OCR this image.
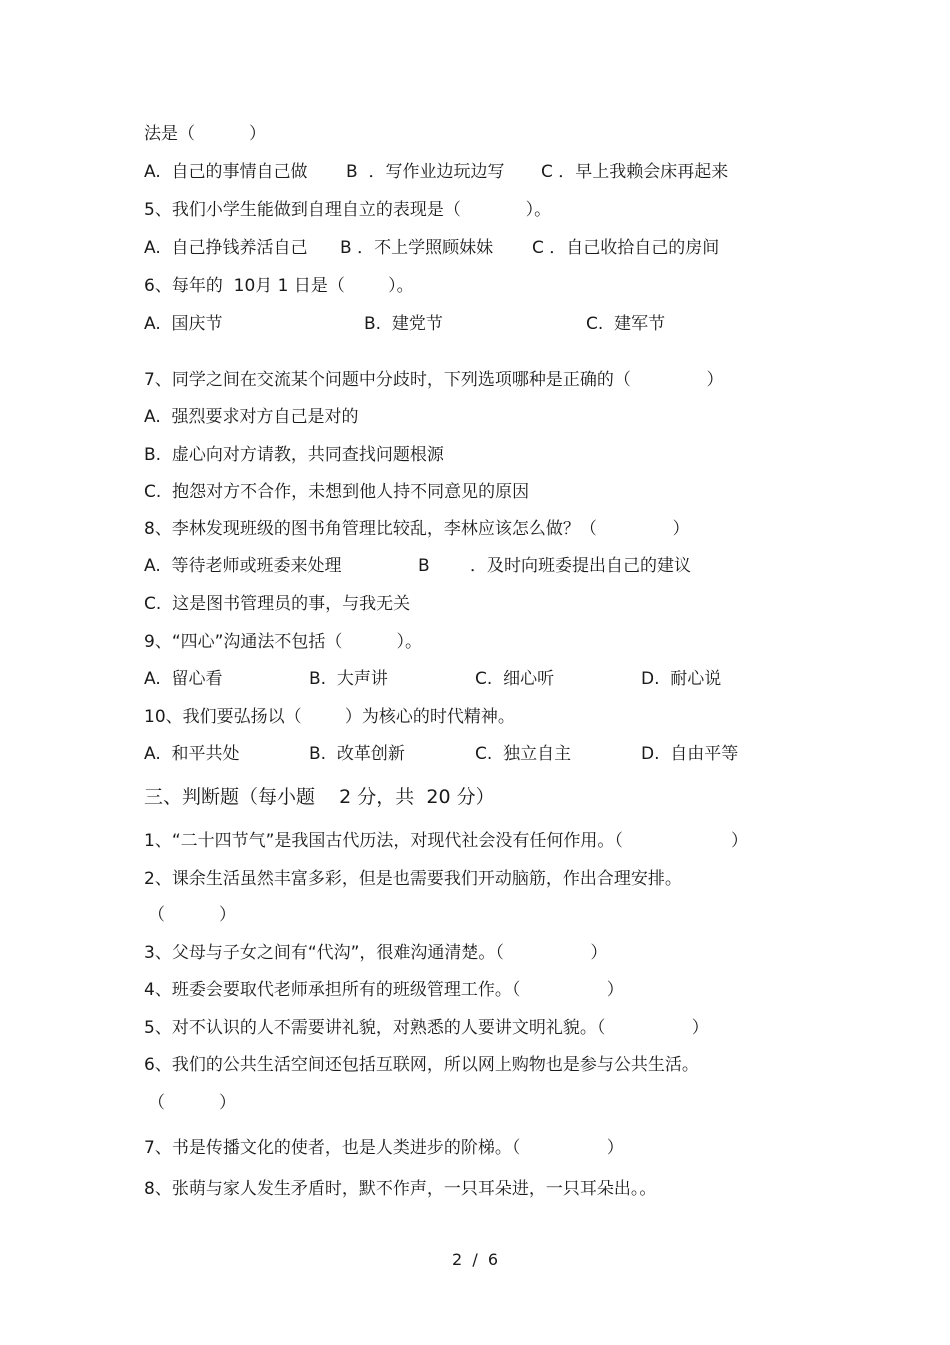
法是（          ）
A.  自己的事情自己做 B  ．写作业边玩边写 C ．早上我赖会床再起来
5、我们小学生能做到自理自立的表现是（            ）。
A.  自己挣钱养活自己 B ．不上学照顾妹妹 C ．自己收拾自己的房间
6、每年的  10月 1 日是（        ）。
A.  国庆节	B.  建党节	C.  建军节
7、同学之间在交流某个问题中分歧时，下列选项哪种是正确的（              ）
A.  强烈要求对方自己是对的
B.  虚心向对方请教，共同查找问题根源
C.  抱怨对方不合作，未想到他人持不同意见的原因
8、李林发现班级的图书角管理比较乱，李林应该怎么做？（              ）
A.  等待老师或班委来处理	B ．及时向班委提出自己的建议
C.  这是图书管理员的事，与我无关
9、“四心”沟通法不包括（          ）。
A.  留心看	B.  大声讲	C.  细心听	D.  耐心说
10、我们要弘扬以（        ）为核心的时代精神。
A.  和平共处	B.  改革创新	C.  独立自主	D.  自由平等
三、判断题（每小题    2 分，共  20 分）
1、“二十四节气”是我国古代历法，对现代社会没有任何作用。（                    ）
2、课余生活虽然丰富多彩，但是也需要我们开动脑筋，作出合理安排。
（          ）
3、父母与子女之间有“代沟”，很难沟通清楚。（                ）
4、班委会要取代老师承担所有的班级管理工作。（                ）
5、对不认识的人不需要讲礼貌，对熟悉的人要讲文明礼貌。（                ）
6、我们的公共生活空间还包括互联网，所以网上购物也是参与公共生活。
（          ）
7、书是传播文化的使者，也是人类进步的阶梯。（                ）
8、张萌与家人发生矛盾时，默不作声，一只耳朵进，一只耳朵出。。
2  /  6
